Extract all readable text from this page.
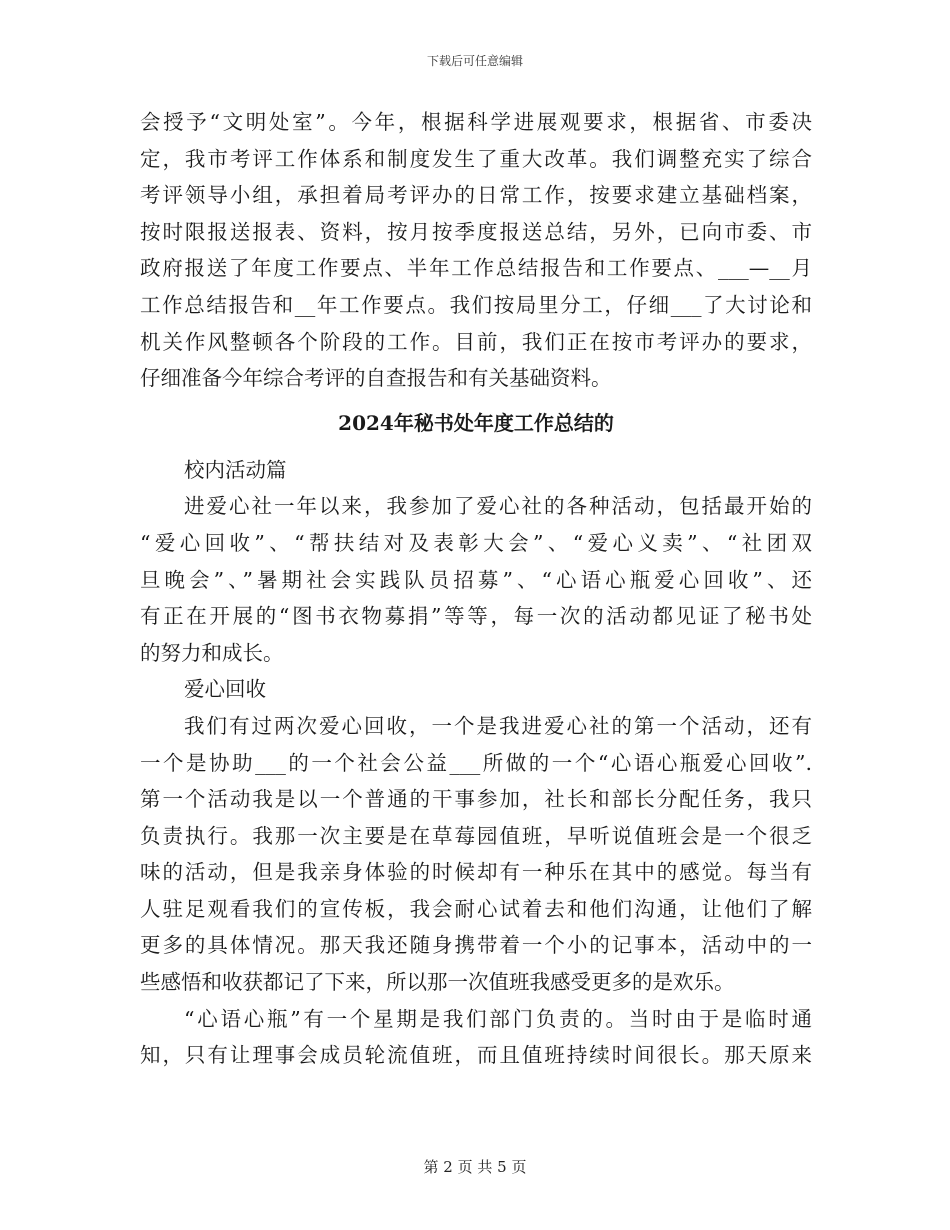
下载后可任意编辑
会授予“文明处室”。今年，根据科学进展观要求，根据省、市委决
定，我市考评工作体系和制度发生了重大改革。我们调整充实了综合
考评领导小组，承担着局考评办的日常工作，按要求建立基础档案，
按时限报送报表、资料，按月按季度报送总结，另外，已向市委、市
政府报送了年度工作要点、半年工作总结报告和工作要点、___—__月
工作总结报告和__年工作要点。我们按局里分工，仔细___了大讨论和
机关作风整顿各个阶段的工作。目前，我们正在按市考评办的要求，
仔细准备今年综合考评的自查报告和有关基础资料。
2024年秘书处年度工作总结的
校内活动篇
进爱心社一年以来，我参加了爱心社的各种活动，包括最开始的
“爱心回收”、“帮扶结对及表彰大会”、“爱心义卖”、“社团双
旦晚会”、”暑期社会实践队员招募”、“心语心瓶爱心回收”、还
有正在开展的“图书衣物募捐”等等，每一次的活动都见证了秘书处
的努力和成长。
爱心回收
我们有过两次爱心回收，一个是我进爱心社的第一个活动，还有
一个是协助___的一个社会公益___所做的一个“心语心瓶爱心回收”.
第一个活动我是以一个普通的干事参加，社长和部长分配任务，我只
负责执行。我那一次主要是在草莓园值班，早听说值班会是一个很乏
味的活动，但是我亲身体验的时候却有一种乐在其中的感觉。每当有
人驻足观看我们的宣传板，我会耐心试着去和他们沟通，让他们了解
更多的具体情况。那天我还随身携带着一个小的记事本，活动中的一
些感悟和收获都记了下来，所以那一次值班我感受更多的是欢乐。
“心语心瓶”有一个星期是我们部门负责的。当时由于是临时通
知，只有让理事会成员轮流值班，而且值班持续时间很长。那天原来
第 2 页 共 5 页
